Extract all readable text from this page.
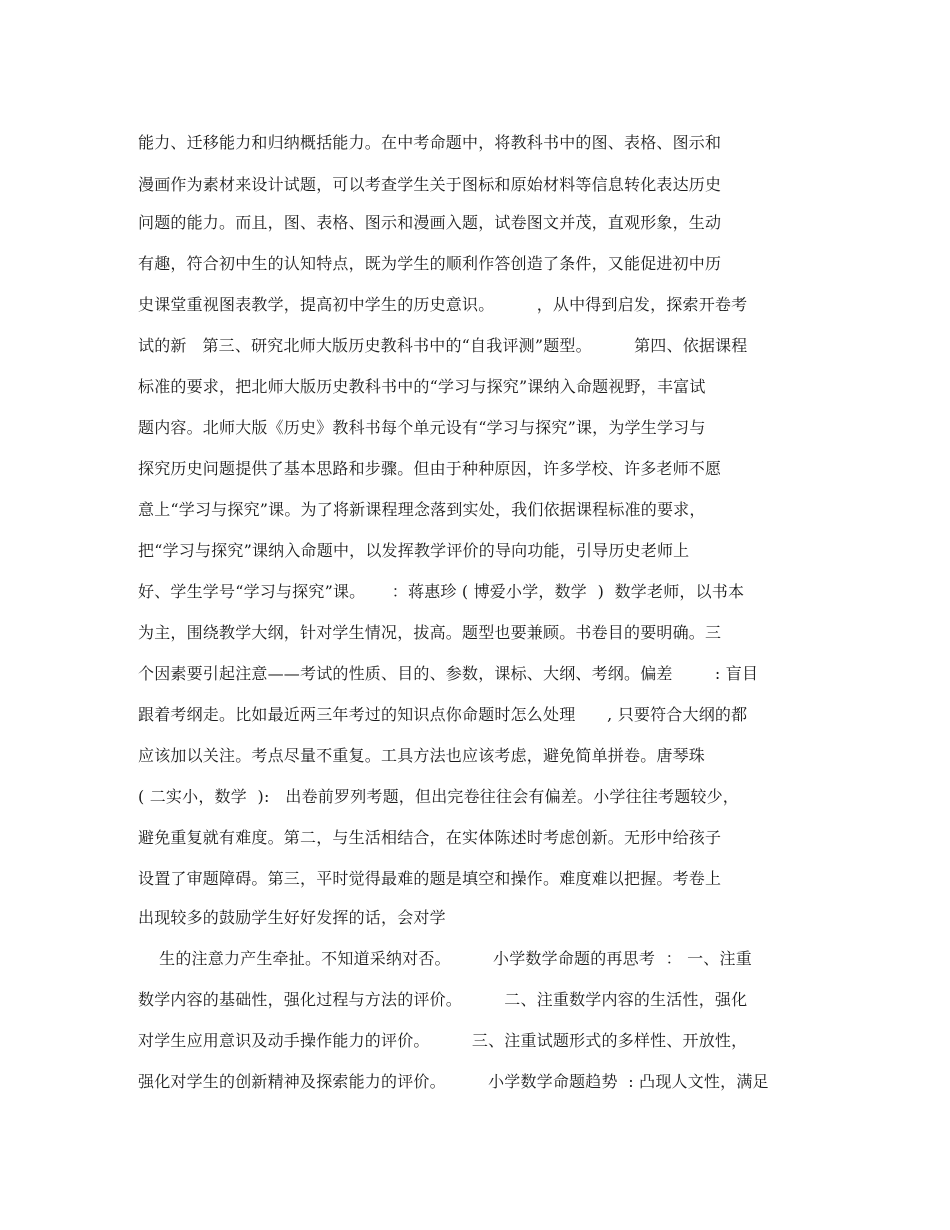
能力、迁移能力和归纳概括能力。在中考命题中，将教科书中的图、表格、图示和
漫画作为素材来设计试题，可以考查学生关于图标和原始材料等信息转化表达历史
问题的能力。而且，图、表格、图示和漫画入题，试卷图文并茂，直观形象，生动
有趣，符合初中生的认知特点，既为学生的顺利作答创造了条件，又能促进初中历
史课堂重视图表教学，提高初中学生的历史意识。        ，从中得到启发，探索开卷考
试的新   第三、研究北师大版历史教科书中的“自我评测”题型。        第四、依据课程
标准的要求，把北师大版历史教科书中的“学习与探究”课纳入命题视野，丰富试
题内容。北师大版《历史》教科书每个单元设有“学习与探究”课，为学生学习与
探究历史问题提供了基本思路和步骤。但由于种种原因，许多学校、许多老师不愿
意上“学习与探究”课。为了将新课程理念落到实处，我们依据课程标准的要求，
把“学习与探究”课纳入命题中，以发挥教学评价的导向功能，引导历史老师上
好、学生学号“学习与探究”课。     ：蒋惠珍 ( 博爱小学，数学  )  数学老师，以书本
为主，围绕教学大纲，针对学生情况，拔高。题型也要兼顾。书卷目的要明确。三
个因素要引起注意——考试的性质、目的、参数，课标、大纲、考纲。偏差        : 盲目
跟着考纲走。比如最近两三年考过的知识点你命题时怎么处理      , 只要符合大纲的都
应该加以关注。考点尽量不重复。工具方法也应该考虑，避免简单拼卷。唐琴珠
( 二实小，数学  ):   出卷前罗列考题，但出完卷往往会有偏差。小学往往考题较少，
避免重复就有难度。第二，与生活相结合，在实体陈述时考虑创新。无形中给孩子
设置了审题障碍。第三，平时觉得最难的题是填空和操作。难度难以把握。考卷上
出现较多的鼓励学生好好发挥的话，会对学
生的注意力产生牵扯。不知道采纳对否。        小学数学命题的再思考  ： 一、注重
数学内容的基础性，强化过程与方法的评价。        二、注重数学内容的生活性，强化
对学生应用意识及动手操作能力的评价。        三、注重试题形式的多样性、开放性，
强化对学生的创新精神及探索能力的评价。        小学数学命题趋势  : 凸现人文性，满足
